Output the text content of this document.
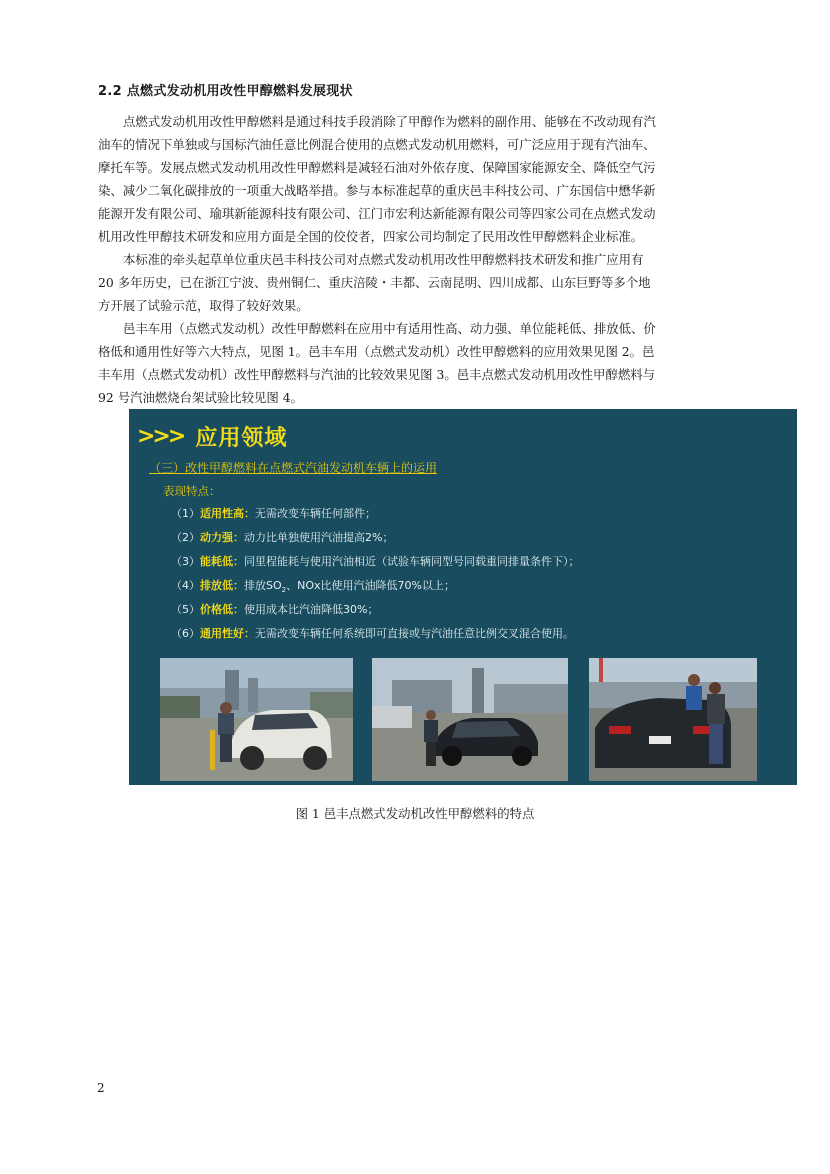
2.2 点燃式发动机用改性甲醇燃料发展现状
点燃式发动机用改性甲醇燃料是通过科技手段消除了甲醇作为燃料的副作用、能够在不改动现有汽
油车的情况下单独或与国标汽油任意比例混合使用的点燃式发动机用燃料，可广泛应用于现有汽油车、
摩托车等。发展点燃式发动机用改性甲醇燃料是减轻石油对外依存度、保障国家能源安全、降低空气污
染、减少二氧化碳排放的一项重大战略举措。参与本标准起草的重庆邑丰科技公司、广东国信中懋华新
能源开发有限公司、瑜琪新能源科技有限公司、江门市宏利达新能源有限公司等四家公司在点燃式发动
机用改性甲醇技术研发和应用方面是全国的佼佼者，四家公司均制定了民用改性甲醇燃料企业标准。
本标准的牵头起草单位重庆邑丰科技公司对点燃式发动机用改性甲醇燃料技术研发和推广应用有
20 多年历史，已在浙江宁波、贵州铜仁、重庆涪陵・丰都、云南昆明、四川成都、山东巨野等多个地
方开展了试验示范，取得了较好效果。
邑丰车用（点燃式发动机）改性甲醇燃料在应用中有适用性高、动力强、单位能耗低、排放低、价
格低和通用性好等六大特点，见图 1。邑丰车用（点燃式发动机）改性甲醇燃料的应用效果见图 2。邑
丰车用（点燃式发动机）改性甲醇燃料与汽油的比较效果见图 3。邑丰点燃式发动机用改性甲醇燃料与
92 号汽油燃烧台架试验比较见图 4。
>>> 应用领域
（三）改性甲醇燃料在点燃式汽油发动机车辆上的运用
表现特点：
（1）适用性高：无需改变车辆任何部件；
（2）动力强：动力比单独使用汽油提高2%；
（3）能耗低：同里程能耗与使用汽油相近（试验车辆同型号同载重同排量条件下）；
（4）排放低：排放$SO_2$、NOx比使用汽油降低70%以上；
（5）价格低：使用成本比汽油降低30%；
（6）通用性好：无需改变车辆任何系统即可直接或与汽油任意比例交叉混合使用。
图 1 邑丰点燃式发动机改性甲醇燃料的特点
2
